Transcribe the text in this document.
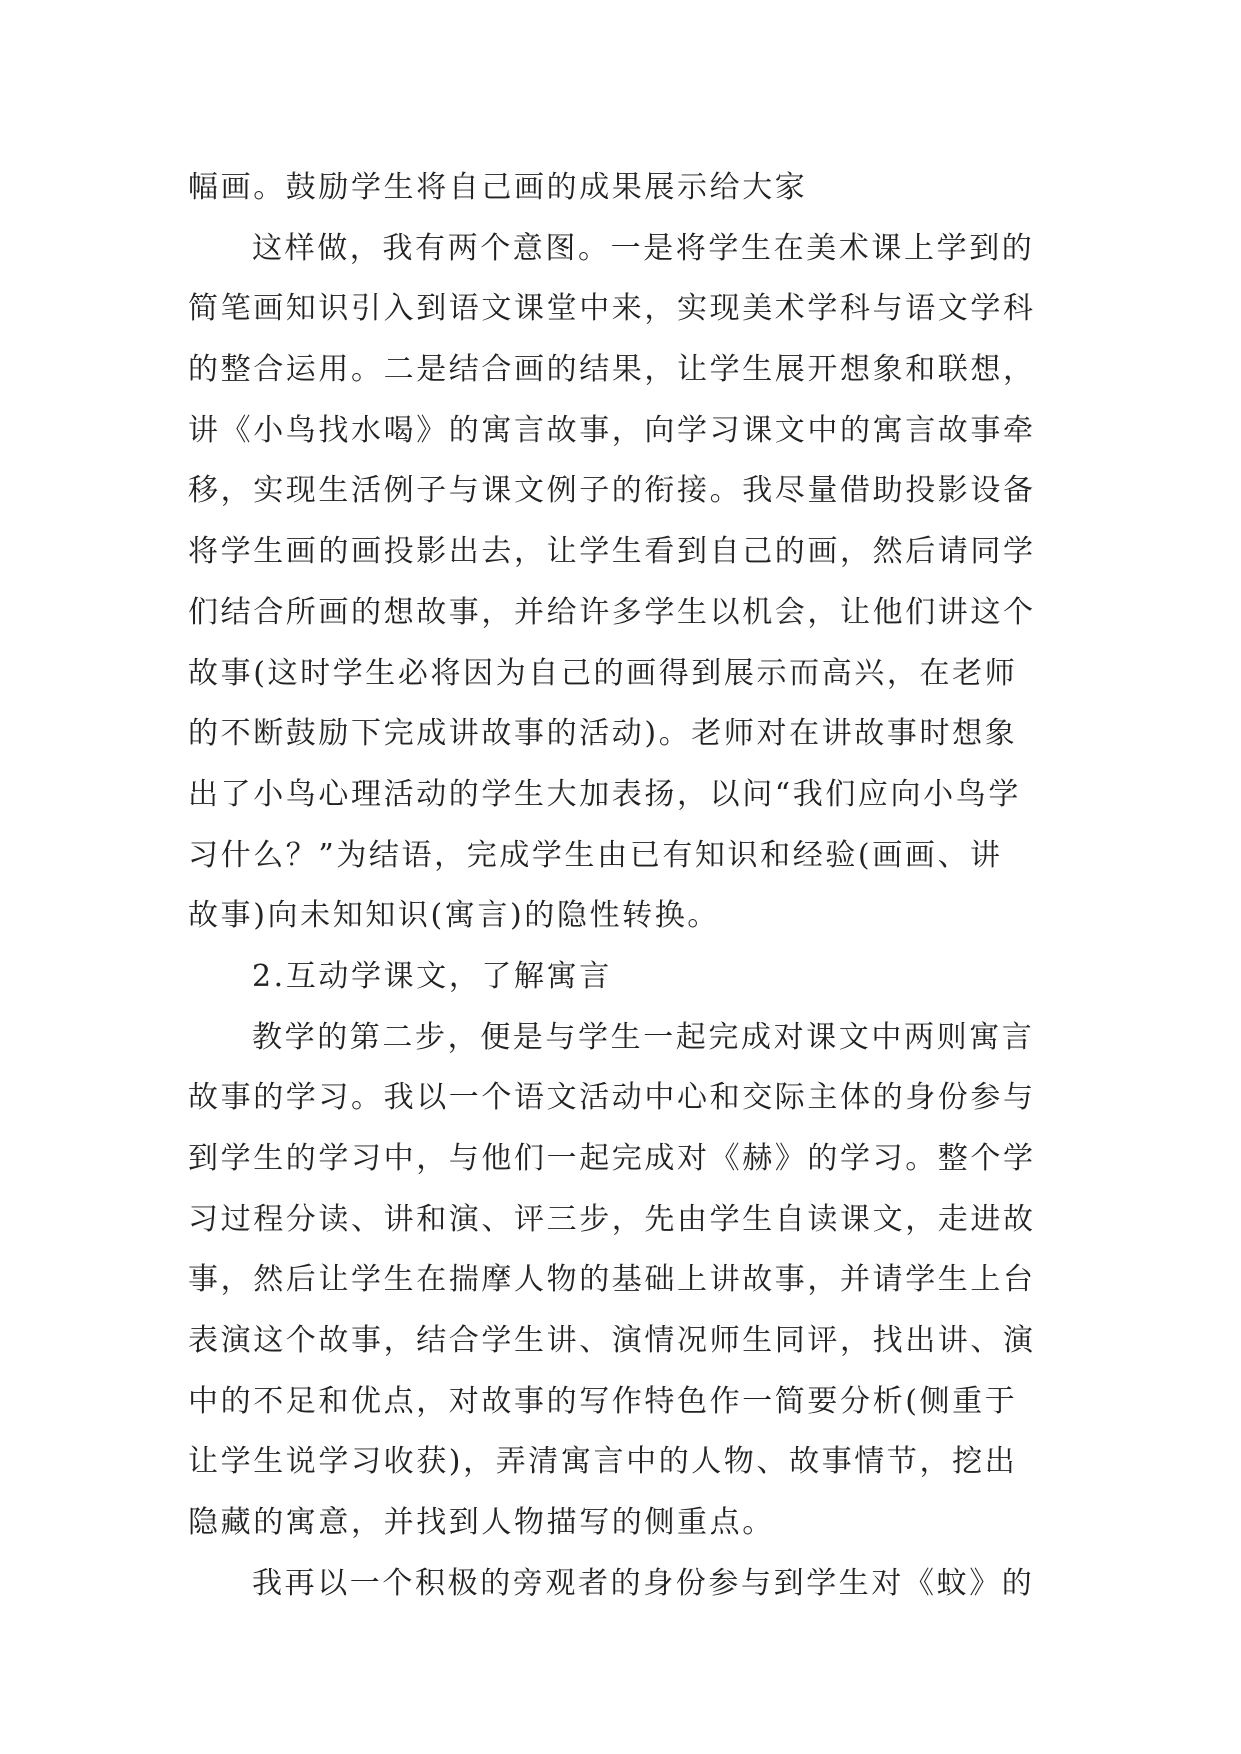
幅画。鼓励学生将自己画的成果展示给大家
这样做，我有两个意图。一是将学生在美术课上学到的
简笔画知识引入到语文课堂中来，实现美术学科与语文学科
的整合运用。二是结合画的结果，让学生展开想象和联想，
讲《小鸟找水喝》的寓言故事，向学习课文中的寓言故事牵
移，实现生活例子与课文例子的衔接。我尽量借助投影设备
将学生画的画投影出去，让学生看到自己的画，然后请同学
们结合所画的想故事，并给许多学生以机会，让他们讲这个
故事(这时学生必将因为自己的画得到展示而高兴，在老师
的不断鼓励下完成讲故事的活动)。老师对在讲故事时想象
出了小鸟心理活动的学生大加表扬，以问“我们应向小鸟学
习什么？”为结语，完成学生由已有知识和经验(画画、讲
故事)向未知知识(寓言)的隐性转换。
2.互动学课文，了解寓言
教学的第二步，便是与学生一起完成对课文中两则寓言
故事的学习。我以一个语文活动中心和交际主体的身份参与
到学生的学习中，与他们一起完成对《赫》的学习。整个学
习过程分读、讲和演、评三步，先由学生自读课文，走进故
事，然后让学生在揣摩人物的基础上讲故事，并请学生上台
表演这个故事，结合学生讲、演情况师生同评，找出讲、演
中的不足和优点，对故事的写作特色作一简要分析(侧重于
让学生说学习收获)，弄清寓言中的人物、故事情节，挖出
隐藏的寓意，并找到人物描写的侧重点。
我再以一个积极的旁观者的身份参与到学生对《蚊》的
